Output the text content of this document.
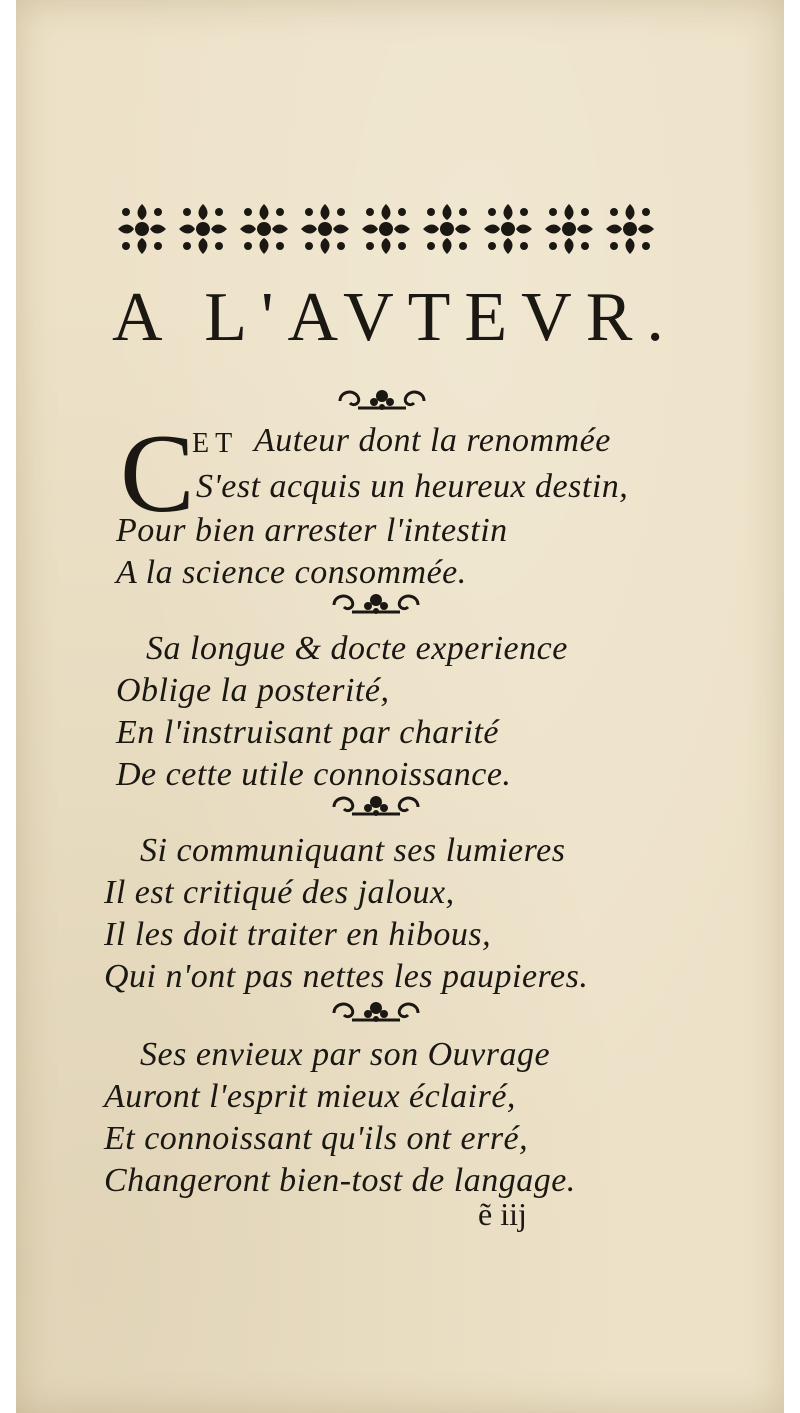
A L'AVTEVR.
C
ET Auteur dont la renommée
S'est acquis un heureux destin,
Pour bien arrester l'intestin
A la science consommée.
Sa longue & docte experience
Oblige la posterité,
En l'instruisant par charité
De cette utile connoissance.
Si communiquant ses lumieres
Il est critiqué des jaloux,
Il les doit traiter en hibous,
Qui n'ont pas nettes les paupieres.
Ses envieux par son Ouvrage
Auront l'esprit mieux éclairé,
Et connoissant qu'ils ont erré,
Changeront bien-tost de langage.
ẽ iij
